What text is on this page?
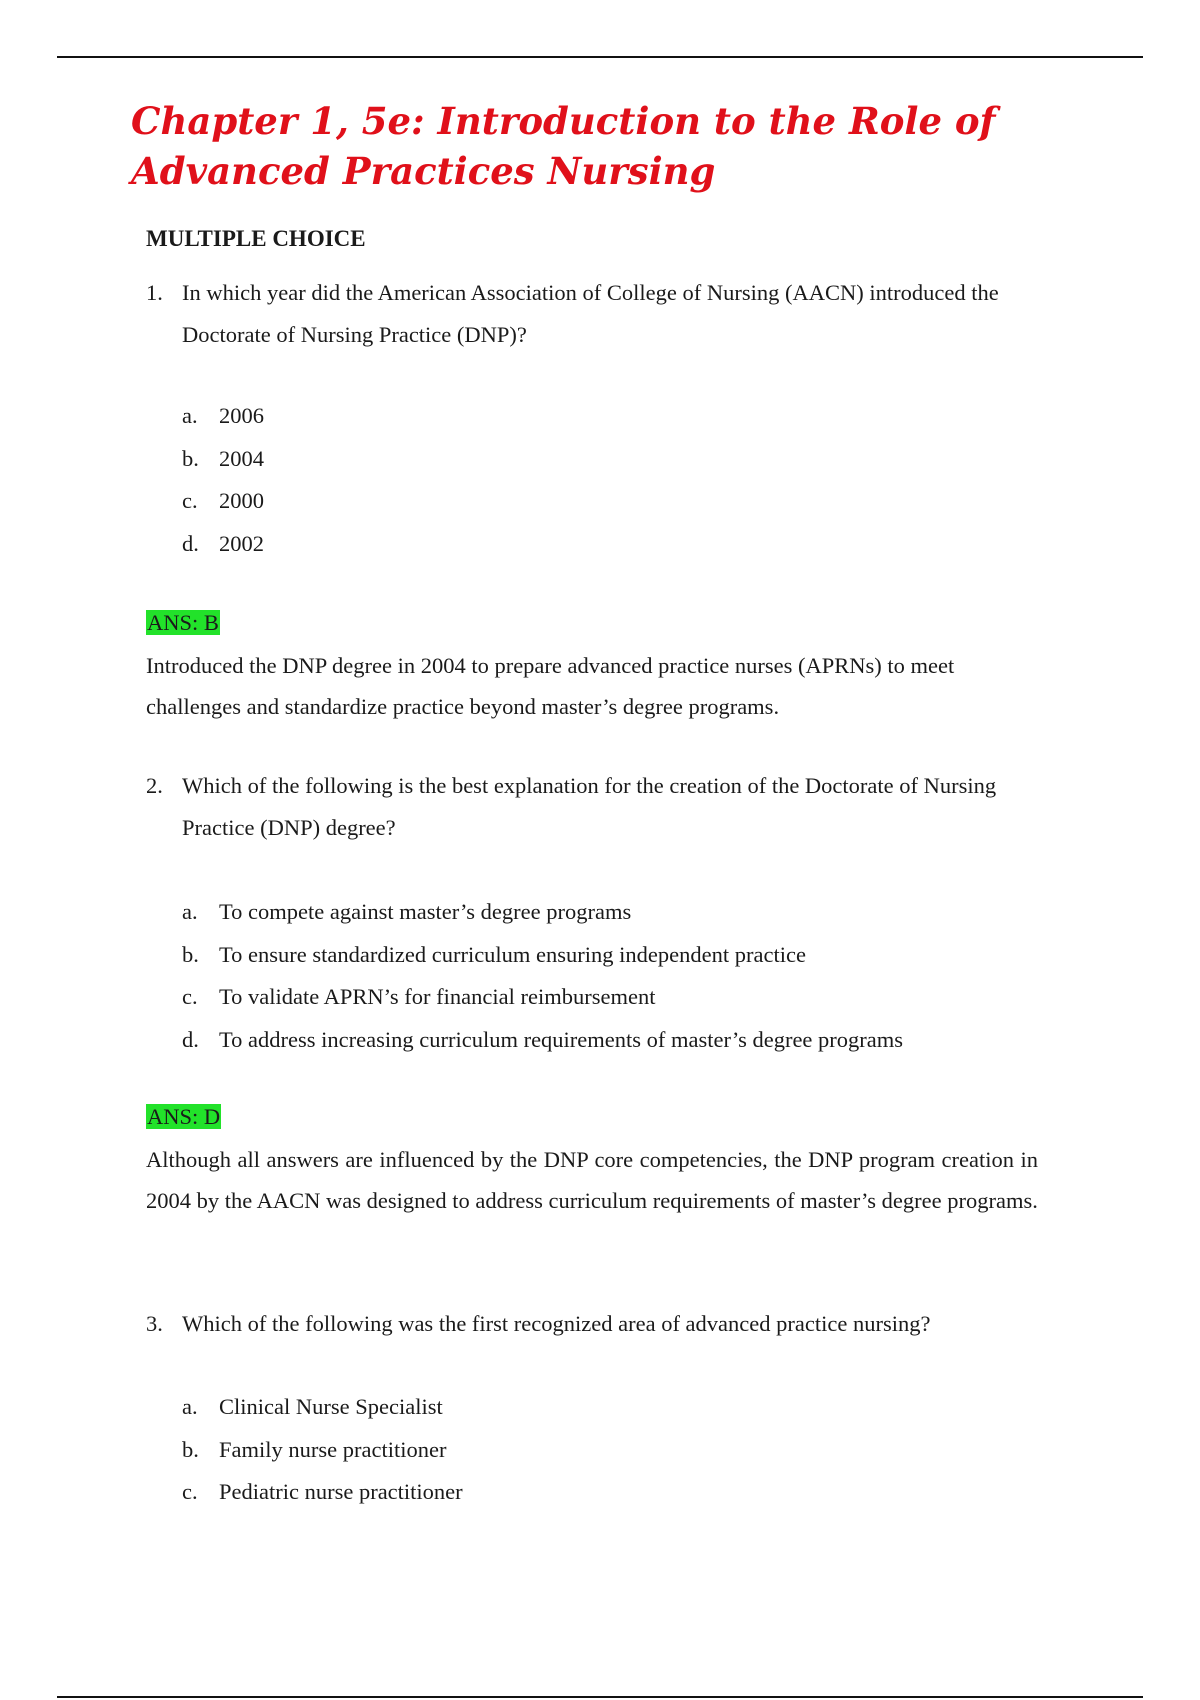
Chapter 1, 5e: Introduction to the Role of Advanced Practices Nursing
MULTIPLE CHOICE
1. In which year did the American Association of College of Nursing (AACN) introduced the Doctorate of Nursing Practice (DNP)?

a. 2006
b. 2004
c. 2000
d. 2002

ANS: B

Introduced the DNP degree in 2004 to prepare advanced practice nurses (APRNs) to meet challenges and standardize practice beyond master’s degree programs.

2. Which of the following is the best explanation for the creation of the Doctorate of Nursing Practice (DNP) degree?

a. To compete against master’s degree programs
b. To ensure standardized curriculum ensuring independent practice
c. To validate APRN’s for financial reimbursement
d. To address increasing curriculum requirements of master’s degree programs

ANS: D

Although all answers are influenced by the DNP core competencies, the DNP program creation in 2004 by the AACN was designed to address curriculum requirements of master’s degree programs.

3. Which of the following was the first recognized area of advanced practice nursing?

a. Clinical Nurse Specialist
b. Family nurse practitioner
c. Pediatric nurse practitioner
